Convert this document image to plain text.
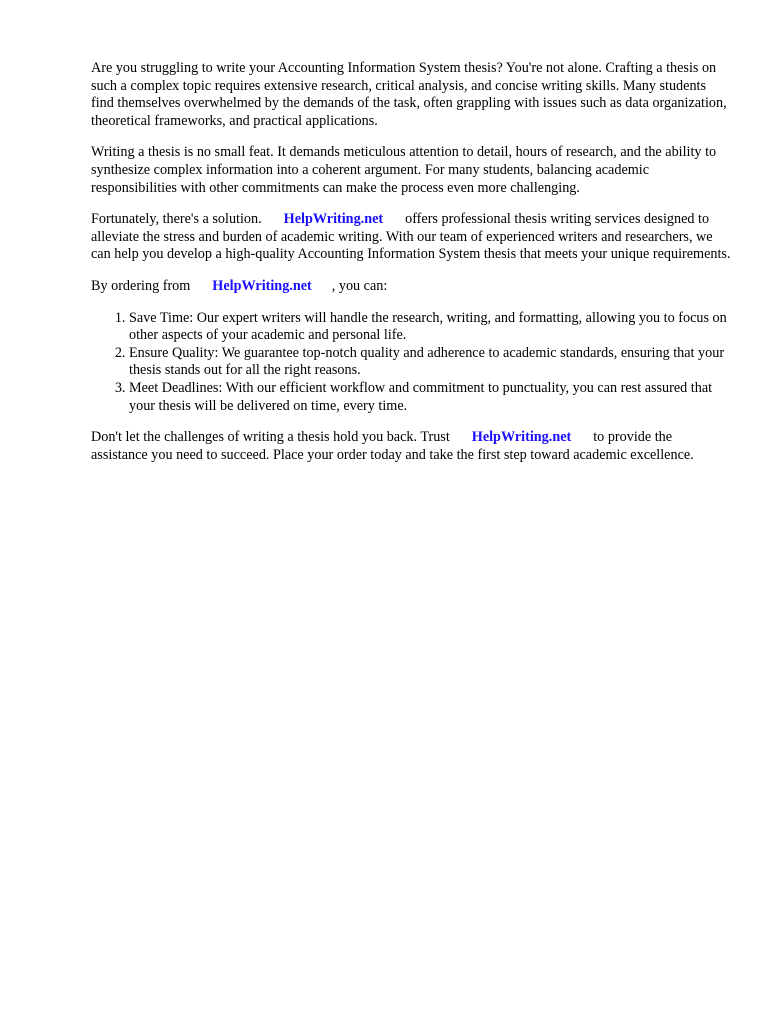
Are you struggling to write your Accounting Information System thesis? You're not alone. Crafting a thesis on such a complex topic requires extensive research, critical analysis, and concise writing skills. Many students find themselves overwhelmed by the demands of the task, often grappling with issues such as data organization, theoretical frameworks, and practical applications.

Writing a thesis is no small feat. It demands meticulous attention to detail, hours of research, and the ability to synthesize complex information into a coherent argument. For many students, balancing academic responsibilities with other commitments can make the process even more challenging.

Fortunately, there's a solution. HelpWriting.net offers professional thesis writing services designed to alleviate the stress and burden of academic writing. With our team of experienced writers and researchers, we can help you develop a high-quality Accounting Information System thesis that meets your unique requirements.

By ordering from HelpWriting.net , you can:

1. Save Time: Our expert writers will handle the research, writing, and formatting, allowing you to focus on other aspects of your academic and personal life.
2. Ensure Quality: We guarantee top-notch quality and adherence to academic standards, ensuring that your thesis stands out for all the right reasons.
3. Meet Deadlines: With our efficient workflow and commitment to punctuality, you can rest assured that your thesis will be delivered on time, every time.

Don't let the challenges of writing a thesis hold you back. Trust HelpWriting.net to provide the assistance you need to succeed. Place your order today and take the first step toward academic excellence.
